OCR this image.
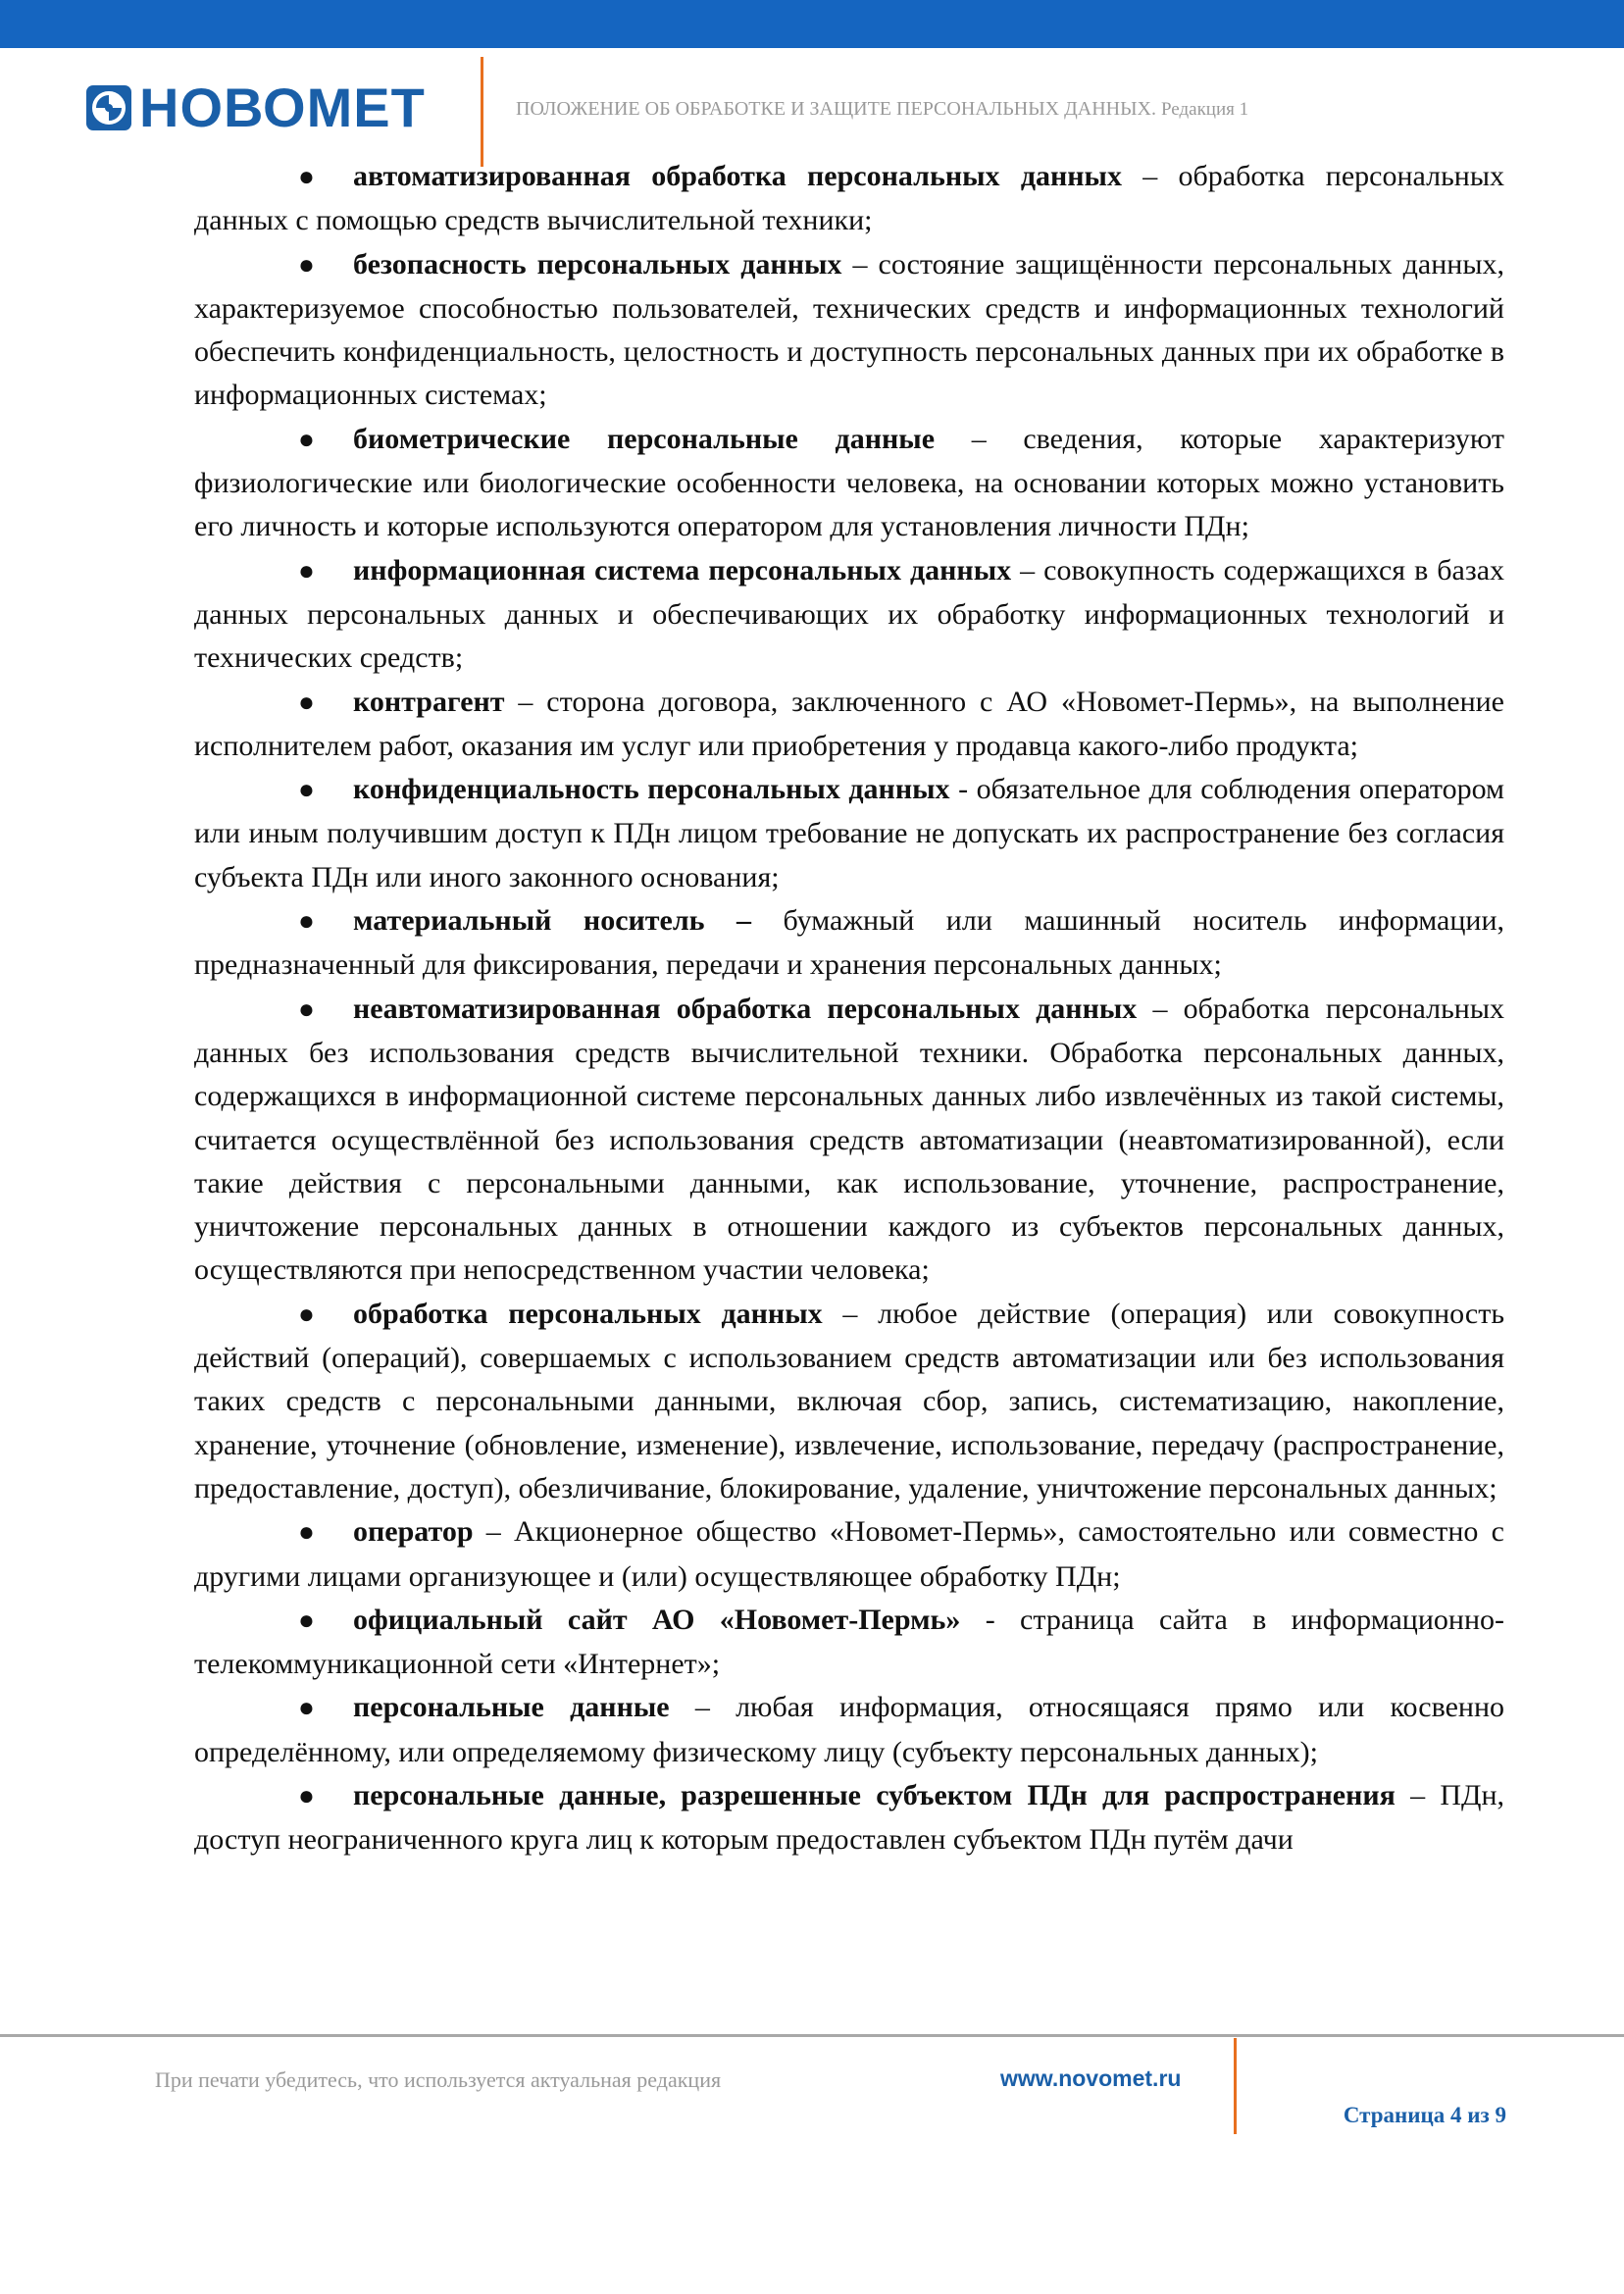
НОВОМЕТ	ПОЛОЖЕНИЕ ОБ ОБРАБОТКЕ И ЗАЩИТЕ ПЕРСОНАЛЬНЫХ ДАННЫХ. Редакция 1

● автоматизированная обработка персональных данных – обработка персональных данных с помощью средств вычислительной техники;

● безопасность персональных данных – состояние защищённости персональных данных, характеризуемое способностью пользователей, технических средств и информационных технологий обеспечить конфиденциальность, целостность и доступность персональных данных при их обработке в информационных системах;

● биометрические персональные данные – сведения, которые характеризуют физиологические или биологические особенности человека, на основании которых можно установить его личность и которые используются оператором для установления личности ПДн;

● информационная система персональных данных – совокупность содержащихся в базах данных персональных данных и обеспечивающих их обработку информационных технологий и технических средств;

● контрагент – сторона договора, заключенного с АО «Новомет-Пермь», на выполнение исполнителем работ, оказания им услуг или приобретения у продавца какого-либо продукта;

● конфиденциальность персональных данных - обязательное для соблюдения оператором или иным получившим доступ к ПДн лицом требование не допускать их распространение без согласия субъекта ПДн или иного законного основания;

● материальный носитель – бумажный или машинный носитель информации, предназначенный для фиксирования, передачи и хранения персональных данных;

● неавтоматизированная обработка персональных данных – обработка персональных данных без использования средств вычислительной техники. Обработка персональных данных, содержащихся в информационной системе персональных данных либо извлечённых из такой системы, считается осуществлённой без использования средств автоматизации (неавтоматизированной), если такие действия с персональными данными, как использование, уточнение, распространение, уничтожение персональных данных в отношении каждого из субъектов персональных данных, осуществляются при непосредственном участии человека;

● обработка персональных данных – любое действие (операция) или совокупность действий (операций), совершаемых с использованием средств автоматизации или без использования таких средств с персональными данными, включая сбор, запись, систематизацию, накопление, хранение, уточнение (обновление, изменение), извлечение, использование, передачу (распространение, предоставление, доступ), обезличивание, блокирование, удаление, уничтожение персональных данных;

● оператор – Акционерное общество «Новомет-Пермь», самостоятельно или совместно с другими лицами организующее и (или) осуществляющее обработку ПДн;

● официальный сайт АО «Новомет-Пермь» - страница сайта в информационно-телекоммуникационной сети «Интернет»;

● персональные данные – любая информация, относящаяся прямо или косвенно определённому, или определяемому физическому лицу (субъекту персональных данных);

● персональные данные, разрешенные субъектом ПДн для распространения – ПДн, доступ неограниченного круга лиц к которым предоставлен субъектом ПДн путём дачи

При печати убедитесь, что используется актуальная редакция	www.novomet.ru
Страница 4 из 9
